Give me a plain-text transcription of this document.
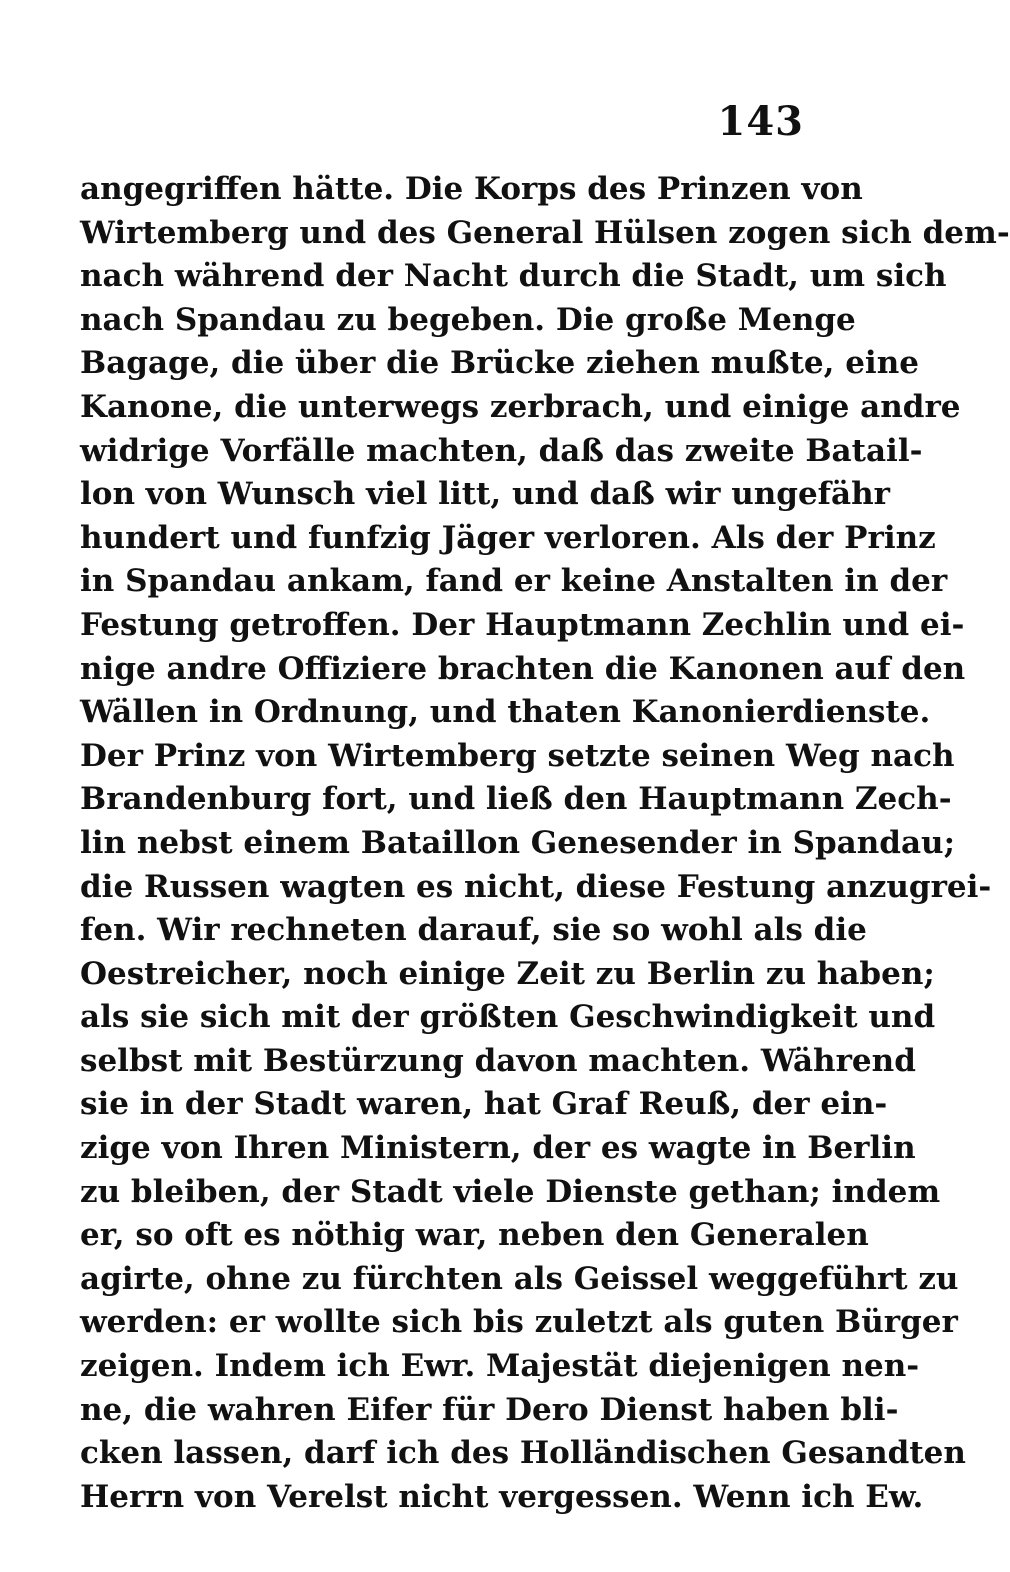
143
angegriffen hätte. Die Korps des Prinzen von
Wirtemberg und des General Hülsen zogen sich dem-
nach während der Nacht durch die Stadt, um sich
nach Spandau zu begeben. Die große Menge
Bagage, die über die Brücke ziehen mußte, eine
Kanone, die unterwegs zerbrach, und einige andre
widrige Vorfälle machten, daß das zweite Batail-
lon von Wunsch viel litt, und daß wir ungefähr
hundert und funfzig Jäger verloren. Als der Prinz
in Spandau ankam, fand er keine Anstalten in der
Festung getroffen. Der Hauptmann Zechlin und ei-
nige andre Offiziere brachten die Kanonen auf den
Wällen in Ordnung, und thaten Kanonierdienste.
Der Prinz von Wirtemberg setzte seinen Weg nach
Brandenburg fort, und ließ den Hauptmann Zech-
lin nebst einem Bataillon Genesender in Spandau;
die Russen wagten es nicht, diese Festung anzugrei-
fen. Wir rechneten darauf, sie so wohl als die
Oestreicher, noch einige Zeit zu Berlin zu haben;
als sie sich mit der größten Geschwindigkeit und
selbst mit Bestürzung davon machten. Während
sie in der Stadt waren, hat Graf Reuß, der ein-
zige von Ihren Ministern, der es wagte in Berlin
zu bleiben, der Stadt viele Dienste gethan; indem
er, so oft es nöthig war, neben den Generalen
agirte, ohne zu fürchten als Geissel weggeführt zu
werden: er wollte sich bis zuletzt als guten Bürger
zeigen. Indem ich Ewr. Majestät diejenigen nen-
ne, die wahren Eifer für Dero Dienst haben bli-
cken lassen, darf ich des Holländischen Gesandten
Herrn von Verelst nicht vergessen. Wenn ich Ew.
